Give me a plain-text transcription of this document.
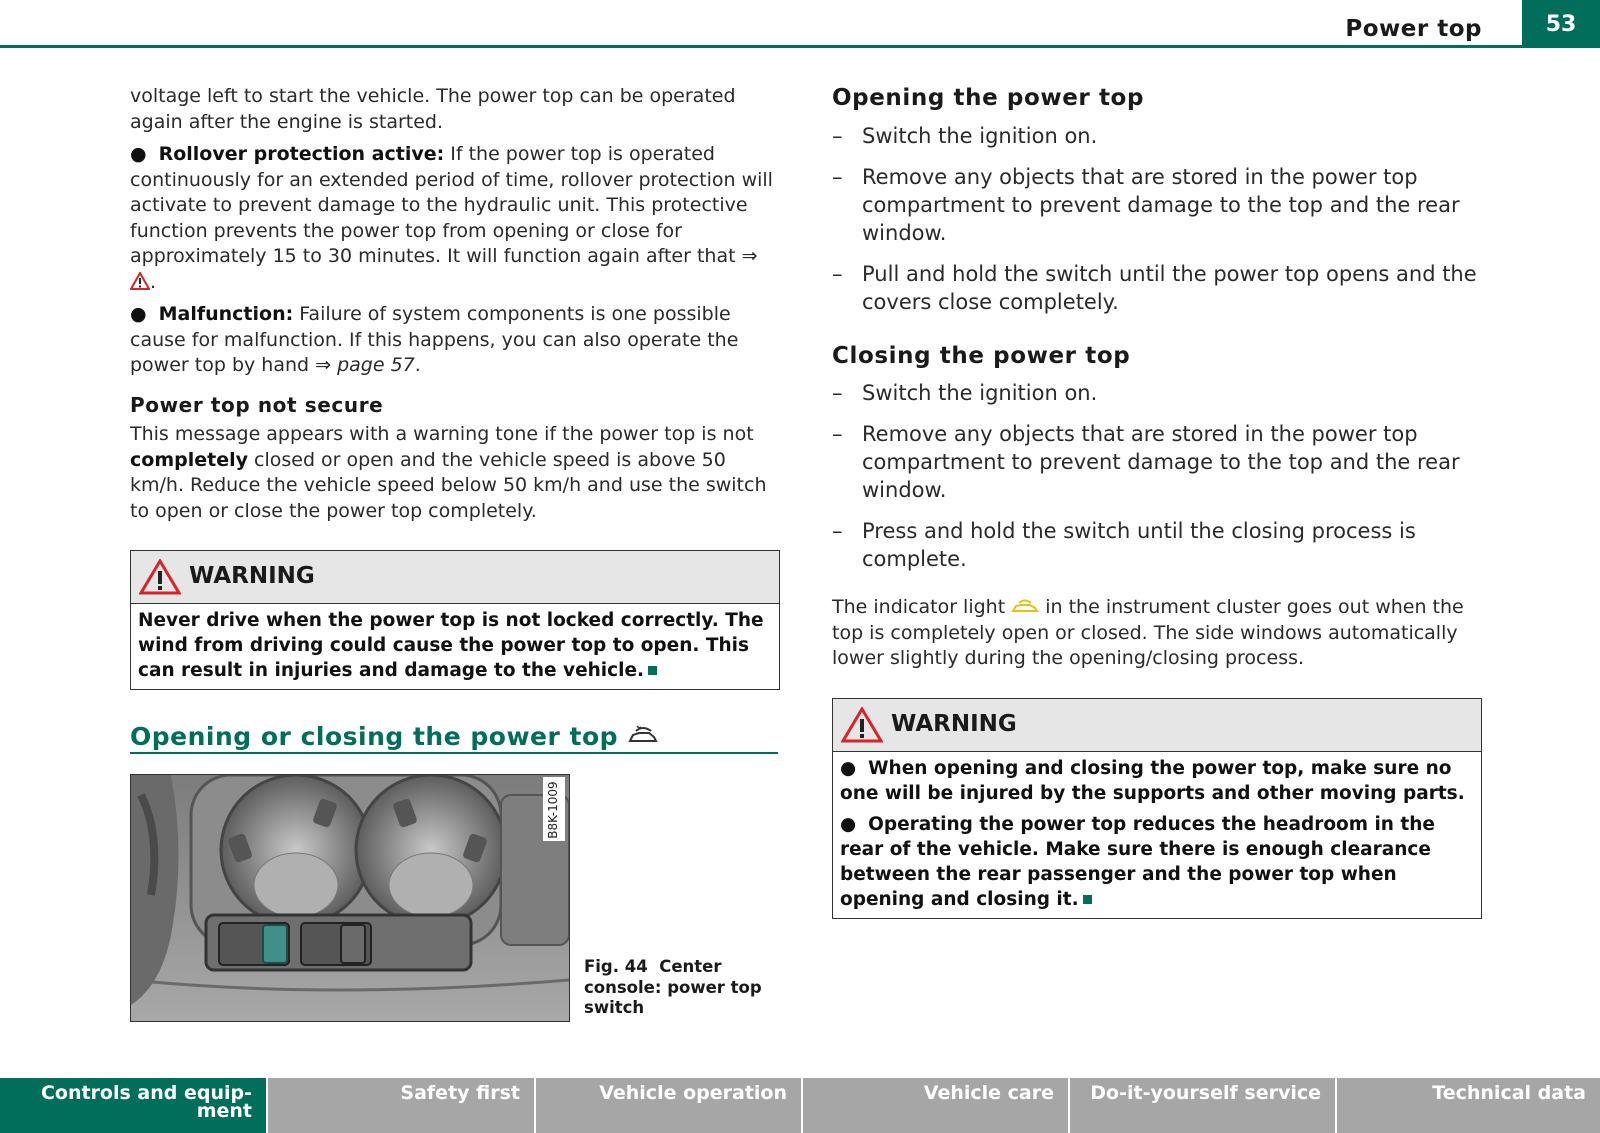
Power top	53

voltage left to start the vehicle. The power top can be operated again after the engine is started.

● Rollover protection active: If the power top is operated continuously for an extended period of time, rollover protection will activate to prevent damage to the hydraulic unit. This protective function prevents the power top from opening or close for approximately 15 to 30 minutes. It will function again after that ⇒ .

● Malfunction: Failure of system components is one possible cause for malfunction. If this happens, you can also operate the power top by hand ⇒ page 57.

Power top not secure

This message appears with a warning tone if the power top is not completely closed or open and the vehicle speed is above 50 km/h. Reduce the vehicle speed below 50 km/h and use the switch to open or close the power top completely.

WARNING
Never drive when the power top is not locked correctly. The wind from driving could cause the power top to open. This can result in injuries and damage to the vehicle.
Opening or closing the power top
B8K-1009
Fig. 44 Center console: power top switch
Opening the power top
– Switch the ignition on.
– Remove any objects that are stored in the power top compartment to prevent damage to the top and the rear window.
– Pull and hold the switch until the power top opens and the covers close completely.
Closing the power top
– Switch the ignition on.
– Remove any objects that are stored in the power top compartment to prevent damage to the top and the rear window.
– Press and hold the switch until the closing process is complete.
The indicator light  in the instrument cluster goes out when the top is completely open or closed. The side windows automatically lower slightly during the opening/closing process.
WARNING

● When opening and closing the power top, make sure no one will be injured by the supports and other moving parts.

● Operating the power top reduces the headroom in the rear of the vehicle. Make sure there is enough clearance between the rear passenger and the power top when opening and closing it.

Controls and equip-
ment
Safety first	Vehicle operation	Vehicle care	Do-it-yourself service	Technical data
